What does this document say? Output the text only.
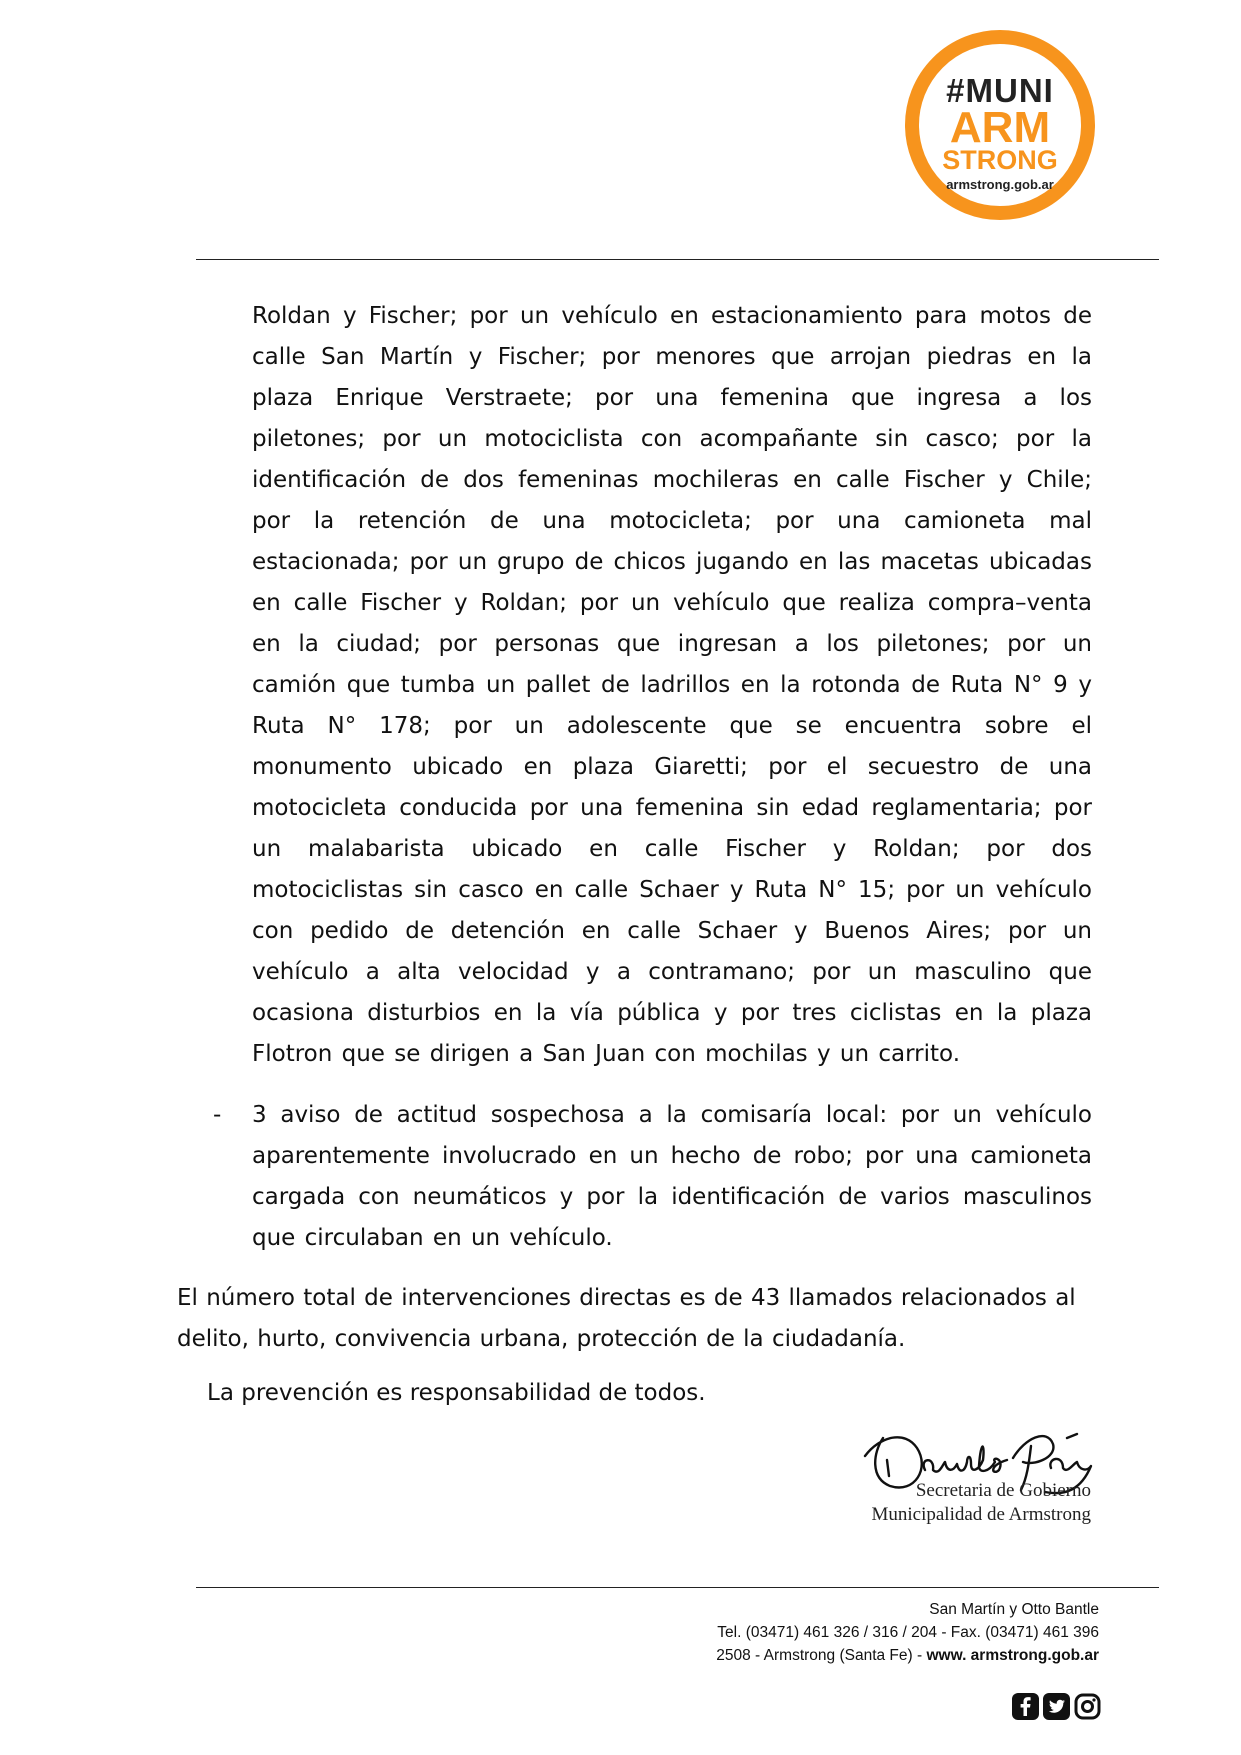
#MUNI
ARM
STRONG
armstrong.gob.ar

Roldan y Fischer; por un vehículo en estacionamiento para motos de calle San Martín y Fischer; por menores que arrojan piedras en la plaza Enrique Verstraete; por una femenina que ingresa a los piletones; por un motociclista con acompañante sin casco; por la identificación de dos femeninas mochileras en calle Fischer y Chile; por la retención de una motocicleta; por una camioneta mal estacionada; por un grupo de chicos jugando en las macetas ubicadas en calle Fischer y Roldan; por un vehículo que realiza compra–venta en la ciudad; por personas que ingresan a los piletones; por un camión que tumba un pallet de ladrillos en la rotonda de Ruta N° 9 y Ruta N° 178; por un adolescente que se encuentra sobre el monumento ubicado en plaza Giaretti; por el secuestro de una motocicleta conducida por una femenina sin edad reglamentaria; por un malabarista ubicado en calle Fischer y Roldan; por dos motociclistas sin casco en calle Schaer y Ruta N° 15; por un vehículo con pedido de detención en calle Schaer y Buenos Aires; por un vehículo a alta velocidad y a contramano; por un masculino que ocasiona disturbios en la vía pública y por tres ciclistas en la plaza Flotron que se dirigen a San Juan con mochilas y un carrito.

- 3 aviso de actitud sospechosa a la comisaría local: por un vehículo aparentemente involucrado en un hecho de robo; por una camioneta cargada con neumáticos y por la identificación de varios masculinos que circulaban en un vehículo.

El número total de intervenciones directas es de 43 llamados relacionados al delito, hurto, convivencia urbana, protección de la ciudadanía.

La prevención es responsabilidad de todos.

Secretaria de Gobierno
Municipalidad de Armstrong
San Martín y Otto Bantle
Tel. (03471) 461 326 / 316 / 204 - Fax. (03471) 461 396
2508 - Armstrong (Santa Fe) - www. armstrong.gob.ar
